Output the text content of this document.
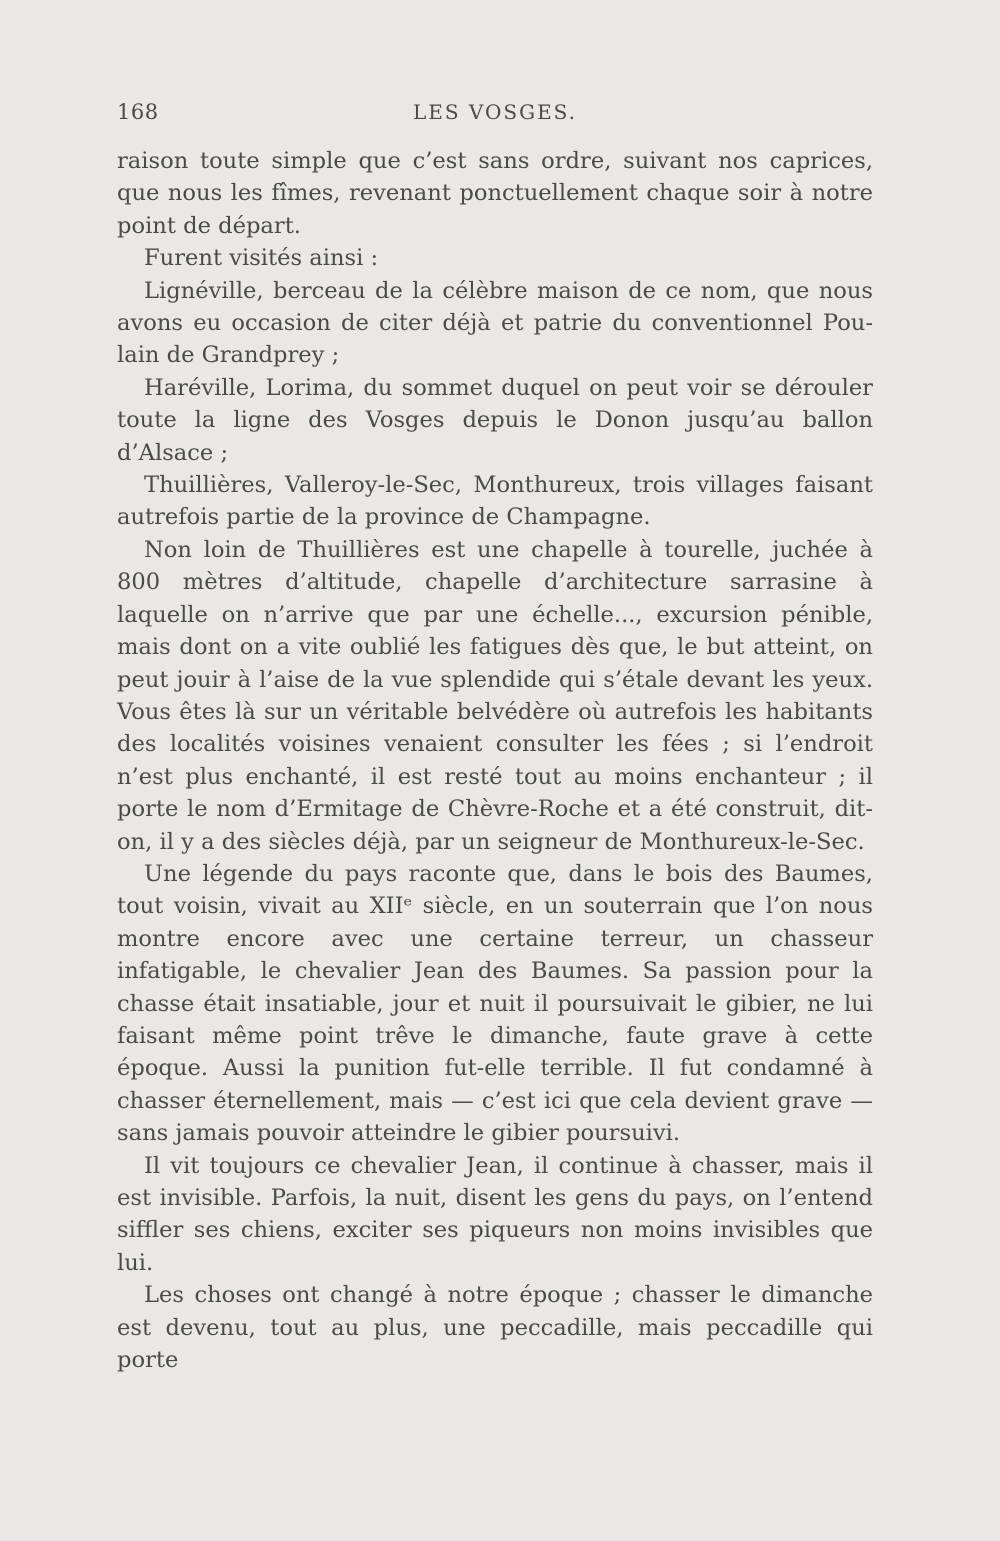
168	LES VOSGES.

raison toute simple que c’est sans ordre, suivant nos caprices, que nous les fîmes, revenant ponctuellement chaque soir à notre point de départ.

Furent visités ainsi :

Lignéville, berceau de la célèbre maison de ce nom, que nous avons eu occasion de citer déjà et patrie du conventionnel Poulain de Grandprey ;

Haréville, Lorima, du sommet duquel on peut voir se dérouler toute la ligne des Vosges depuis le Donon jusqu’au ballon d’Alsace ;

Thuillières, Valleroy-le-Sec, Monthureux, trois villages faisant autrefois partie de la province de Champagne.

Non loin de Thuillières est une chapelle à tourelle, juchée à 800 mètres d’altitude, chapelle d’architecture sarrasine à laquelle on n’arrive que par une échelle..., excursion pénible, mais dont on a vite oublié les fatigues dès que, le but atteint, on peut jouir à l’aise de la vue splendide qui s’étale devant les yeux. Vous êtes là sur un véritable belvédère où autrefois les habitants des localités voisines venaient consulter les fées ; si l’endroit n’est plus enchanté, il est resté tout au moins enchanteur ; il porte le nom d’Ermitage de Chèvre-Roche et a été construit, dit-on, il y a des siècles déjà, par un seigneur de Monthureux-le-Sec.

Une légende du pays raconte que, dans le bois des Baumes, tout voisin, vivait au XIIᵉ siècle, en un souterrain que l’on nous montre encore avec une certaine terreur, un chasseur infatigable, le chevalier Jean des Baumes. Sa passion pour la chasse était insatiable, jour et nuit il poursuivait le gibier, ne lui faisant même point trêve le dimanche, faute grave à cette époque. Aussi la punition fut-elle terrible. Il fut condamné à chasser éternellement, mais — c’est ici que cela devient grave — sans jamais pouvoir atteindre le gibier poursuivi.

Il vit toujours ce chevalier Jean, il continue à chasser, mais il est invisible. Parfois, la nuit, disent les gens du pays, on l’entend siffler ses chiens, exciter ses piqueurs non moins invisibles que lui.

Les choses ont changé à notre époque ; chasser le dimanche est devenu, tout au plus, une peccadille, mais peccadille qui porte
